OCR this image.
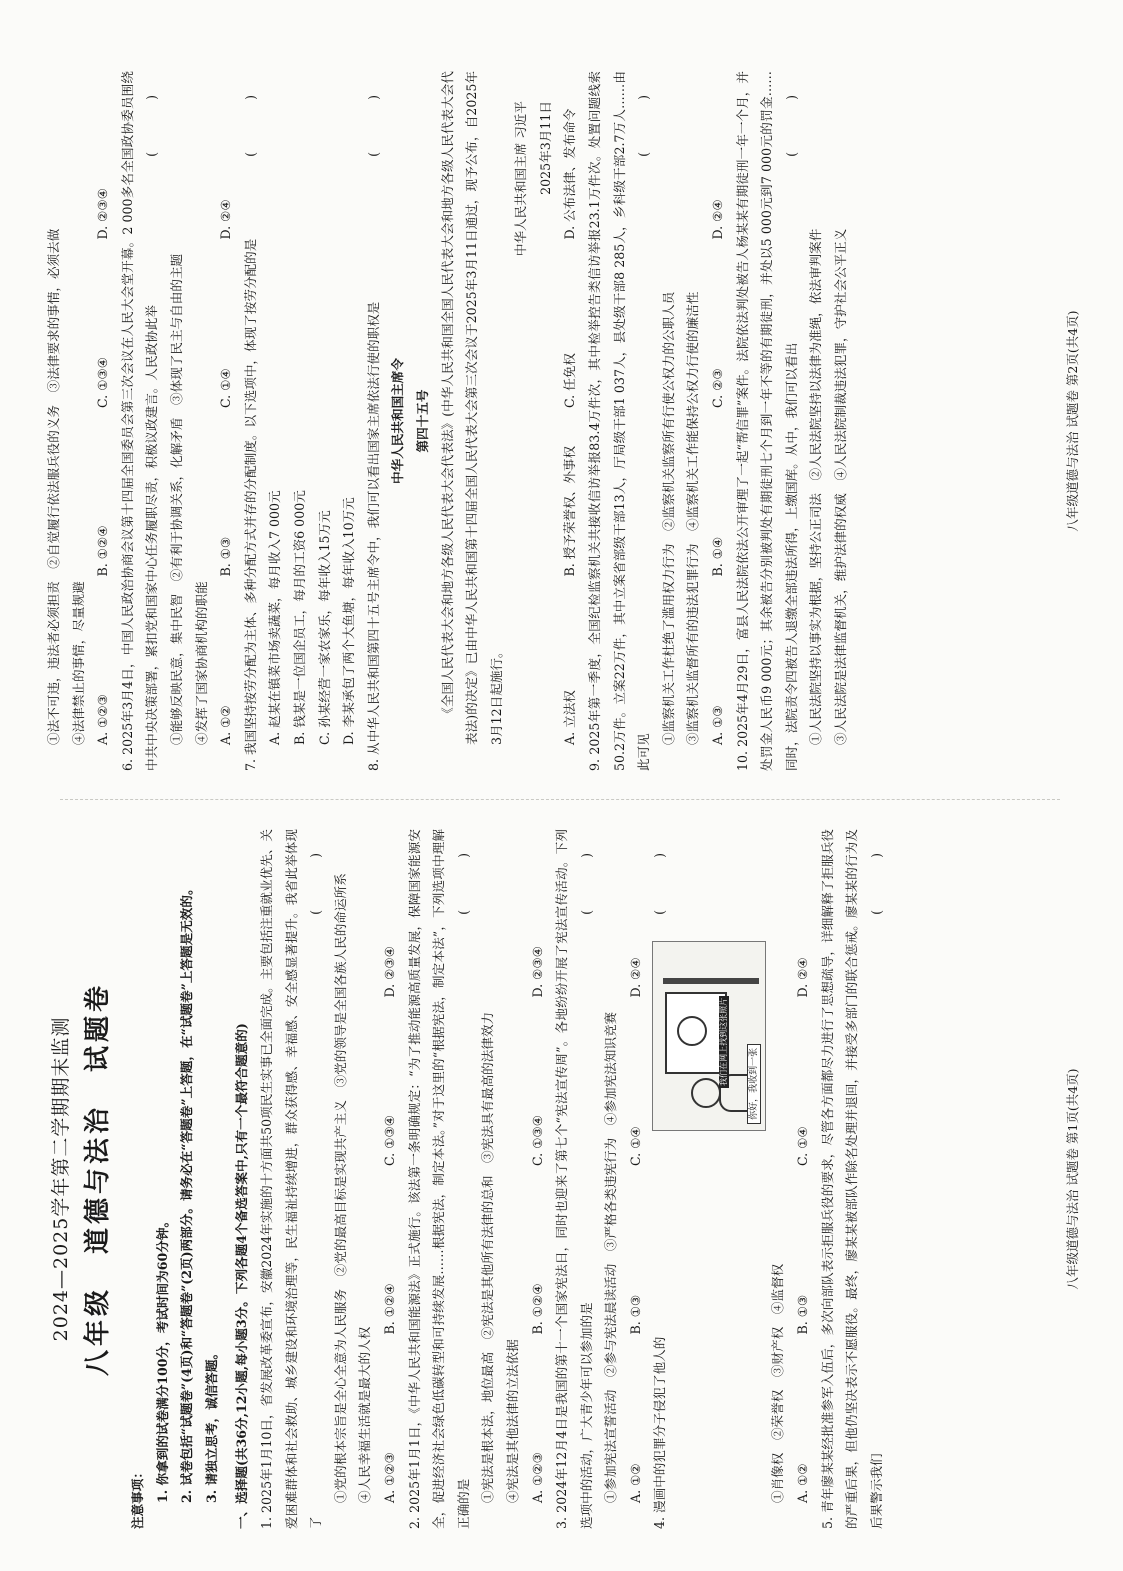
2024—2025学年第二学期期末监测 八年级道德与法治试题卷
注意事项： 1. 你拿到的试卷满分100分，考试时间为60分钟。 2. 试卷包括“试题卷”(4页)和“答题卷”(2页)两部分。请务必在“答题卷”上答题，在“试题卷”上答题是无效的。 3. 请独立思考，诚信答题。	一、选择题(共36分,12小题,每小题3分。下列各题4个备选答案中,只有一个最符合题意的) 1. 2025年1月10日，省发展改革委宣布，安徽2024年实施的十方面共50项民生实事已全面完成。主要包括注重就业优先、关爱困难群体和社会救助、城乡建设和环境治理等，民生福祉持续增进，群众获得感、幸福感、安全感显著提升。我省此举体现了
( )
①党的根本宗旨是全心全意为人民服务　②党的最高目标是实现共产主义　③党的领导是全国各族人民的命运所系
④人民幸福生活就是最大的人权 A. ①②③
B. ①②④
C. ①③④
D. ②③④ 2. 2025年1月1日，《中华人民共和国能源法》正式施行。该法第一条明确规定：“为了推动能源高质量发展，保障国家能源安全，促进经济社会绿色低碳转型和可持续发展……根据宪法，制定本法。”对于这里的“根据宪法，制定本法”，下列选项中理解正确的是
( )
①宪法是根本法，地位最高　②宪法是其他所有法律的总和　③宪法具有最高的法律效力
④宪法是其他法律的立法依据 A. ①②③
B. ①②④
C. ①③④
D. ②③④ 3. 2024年12月4日是我国的第十一个国家宪法日，同时也迎来了第七个“宪法宣传周”。各地纷纷开展了宪法宣传活动。下列选项中的活动，广大青少年可以参加的是
( )
①参加宪法宣誓活动　②参与宪法晨读活动　③严格各类违宪行为　④参加宪法知识竞赛
A. ①②
B. ①③
C. ①④
D. ②④
4. 漫画中的犯罪分子侵犯了他人的
你好，我收到一张
我们在网上找到这张照片
( )
①肖像权　②荣誉权　③财产权　④监督权
A. ①②
B. ①③
C. ①④
D. ②④ 5. 青年廖某某经批准参军入伍后，多次向部队表示拒服兵役的要求，尽管各方面都尽力进行了思想疏导，详细解释了拒服兵役的严重后果，但他仍坚决表示不愿服役。最终，廖某某被部队作除名处理并退回，并接受多部门的联合惩戒。廖某某的行为及后果警示我们
( )
八年级道德与法治 试题卷 第1页(共4页)
①法不可违，违法者必须担责　②自觉履行依法服兵役的义务　③法律要求的事情，必须去做
④法律禁止的事情，尽量规避 A. ①②③
B. ①②④
C. ①③④
D. ②③④ 6. 2025年3月4日，中国人民政治协商会议第十四届全国委员会第三次会议在人民大会堂开幕。2 000多名全国政协委员围绕中共中央决策部署，紧扣党和国家中心任务履职尽责，积极议政建言。人民政协此举
( )
①能够反映民意，集中民智　②有利于协调关系，化解矛盾　③体现了民主与自由的主题
④发挥了国家协商机构的职能 A. ①②
B. ①③
C. ①④
D. ②④
7. 我国坚持按劳分配为主体、多种分配方式并存的分配制度。以下选项中，体现了按劳分配的是
( )
A. 赵某在镇菜市场卖蔬菜，每月收入7 000元 B. 钱某是一位国企员工，每月的工资6 000元 C. 孙某经营一家农家乐，每年收入15万元 D. 李某承包了两个大鱼塘，每年收入10万元 8. 从中华人民共和国第四十五号主席令中，我们可以看出国家主席依法行使的职权是
( )
中华人民共和国主席令 第四十五号 《全国人民代表大会和地方各级人民代表大会代表法》(中华人民共和国全国人民代表大会和地方各级人民代表大会代表法)的决定》已由中华人民共和国第十四届全国人民代表大会第三次会议于2025年3月11日通过，现予公布，自2025年3月12日起施行。
中华人民共和国主席 习近平 2025年3月11日
A. 立法权
B. 授予荣誉权、外事权
C. 任免权
D. 公布法律、发布命令 9. 2025年第一季度，全国纪检监察机关共接收信访举报83.4万件次，其中检举控告类信访举报23.1万件次。处置问题线索50.2万件。立案22万件，其中立案省部级干部13人，厅局级干部1 037人，县处级干部8 285人，乡科级干部2.7万人……由此可见
( )
①监察机关工作杜绝了滥用权力行为　②监察机关监察所有行使公权力的公职人员
③监察机关监督所有的违法犯罪行为　④监察机关工作能保持公权力行使的廉洁性
A. ①③
B. ①④
C. ②③
D. ②④ 10. 2025年4月29日，富县人民法院依法公开审理了一起“帮信罪”案件。法院依法判处被告人杨某某有期徒刑一年一个月，并处罚金人民币9 000元；其余被告分别被判处有期徒刑七个月到一年不等的有期徒刑，并处以5 000元到7 000元的罚金……同时，法院责令四被告人退缴全部违法所得，上缴国库。从中，我们可以看出
( )
①人民法院坚持以事实为根据，坚持公正司法　②人民法院坚持以法律为准绳，依法审判案件
③人民法院是法律监督机关，维护法律的权威　④人民法院制裁违法犯罪，守护社会公平正义	八年级道德与法治 试题卷 第2页(共4页)
